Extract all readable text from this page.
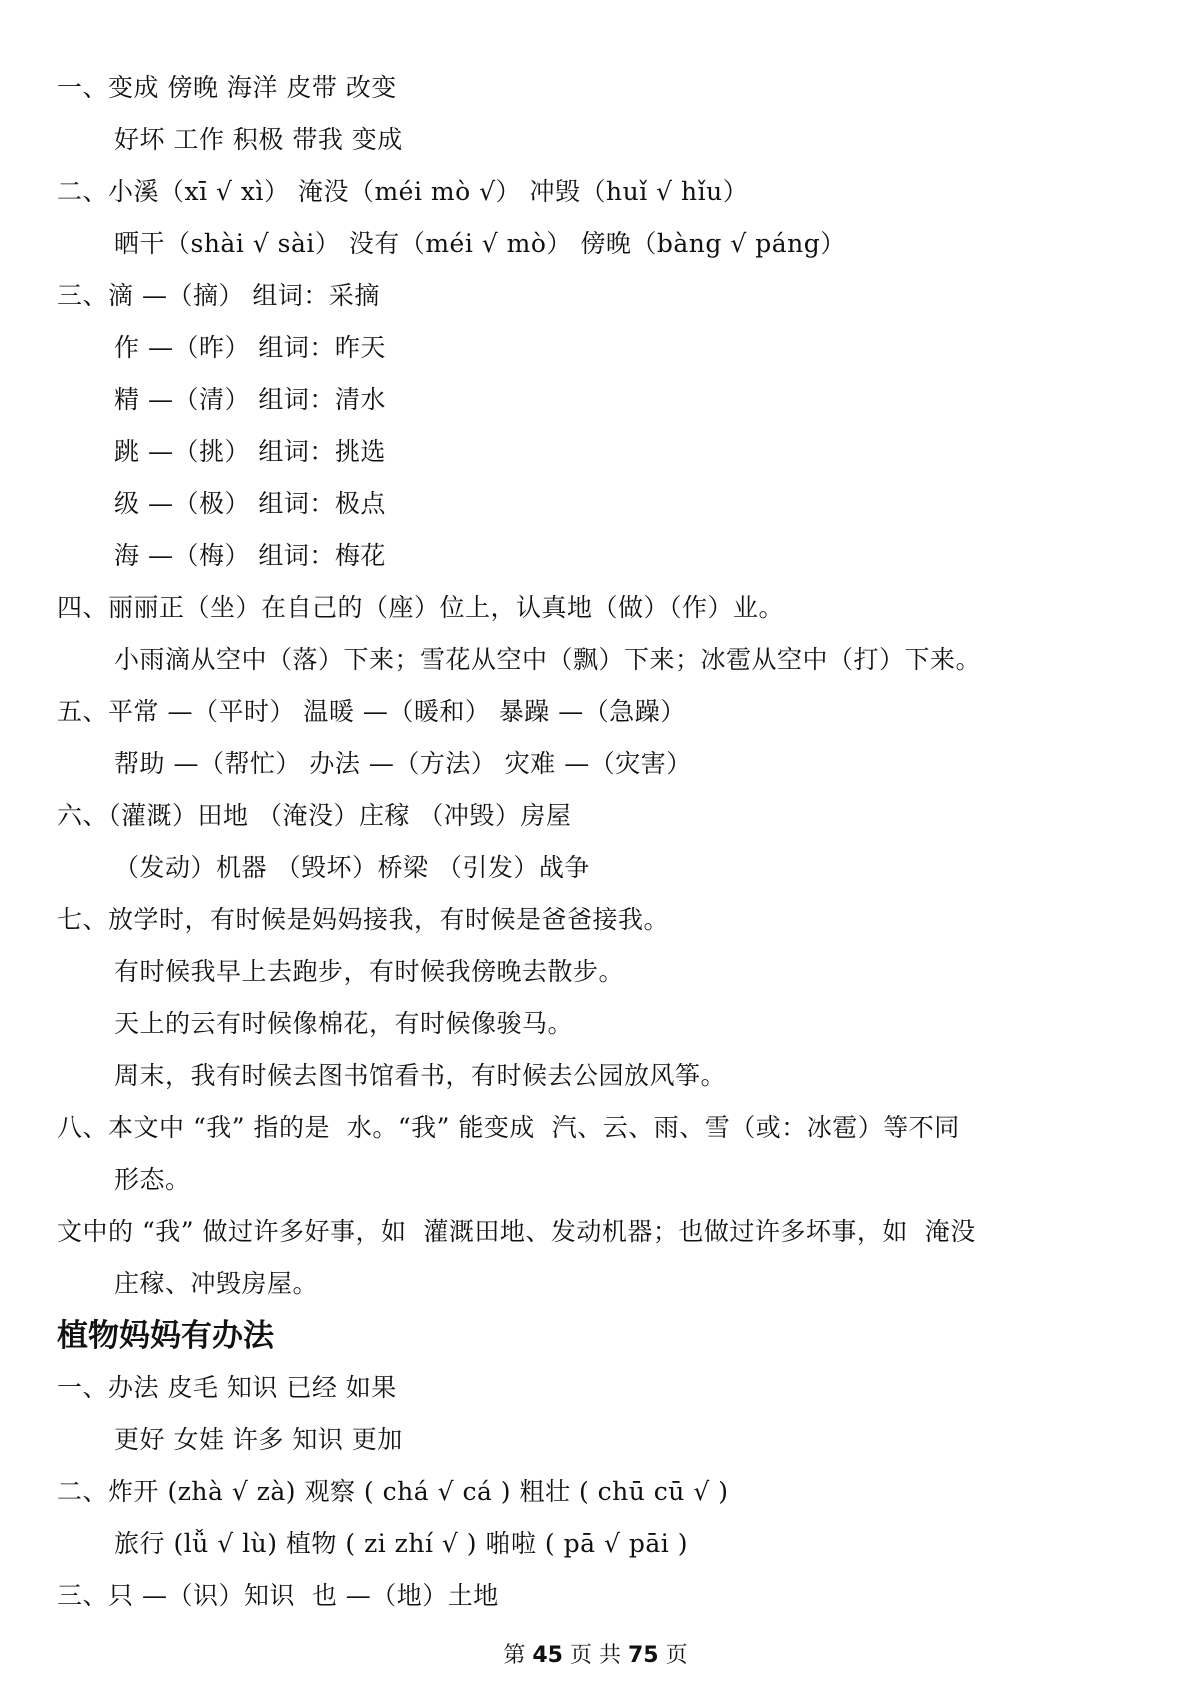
一、变成 傍晚 海洋 皮带 改变
好坏 工作 积极 带我 变成
二、小溪（xī √ xì） 淹没（méi mò √） 冲毁（huǐ √ hǐu）
晒干（shài √ sài） 没有（méi √ mò） 傍晚（bàng √ páng）
三、滴 —（摘） 组词：采摘
作 —（昨） 组词：昨天
精 —（清） 组词：清水
跳 —（挑） 组词：挑选
级 —（极） 组词：极点
海 —（梅） 组词：梅花
四、丽丽正（坐）在自己的（座）位上，认真地（做）（作）业。
小雨滴从空中（落）下来；雪花从空中（飘）下来；冰雹从空中（打）下来。
五、平常 —（平时） 温暖 —（暖和） 暴躁 —（急躁）
帮助 —（帮忙） 办法 —（方法） 灾难 —（灾害）
六、（灌溉）田地 （淹没）庄稼 （冲毁）房屋
（发动）机器 （毁坏）桥梁 （引发）战争
七、放学时，有时候是妈妈接我，有时候是爸爸接我。
有时候我早上去跑步，有时候我傍晚去散步。
天上的云有时候像棉花，有时候像骏马。
周末，我有时候去图书馆看书，有时候去公园放风筝。
八、本文中 “我” 指的是  水。“我” 能变成  汽、云、雨、雪（或：冰雹）等不同
形态。
文中的 “我” 做过许多好事，如  灌溉田地、发动机器；也做过许多坏事，如  淹没
庄稼、冲毁房屋。
植物妈妈有办法
一、办法 皮毛 知识 已经 如果
更好 女娃 许多 知识 更加
二、炸开 (zhà √ zà) 观察 ( chá √ cá ) 粗壮 ( chū cū √ )
旅行 (lǚ √ lù) 植物 ( zi zhí √ ) 啪啦 ( pā √ pāi )
三、只 —（识）知识  也 —（地）土地
第 45 页 共 75 页
